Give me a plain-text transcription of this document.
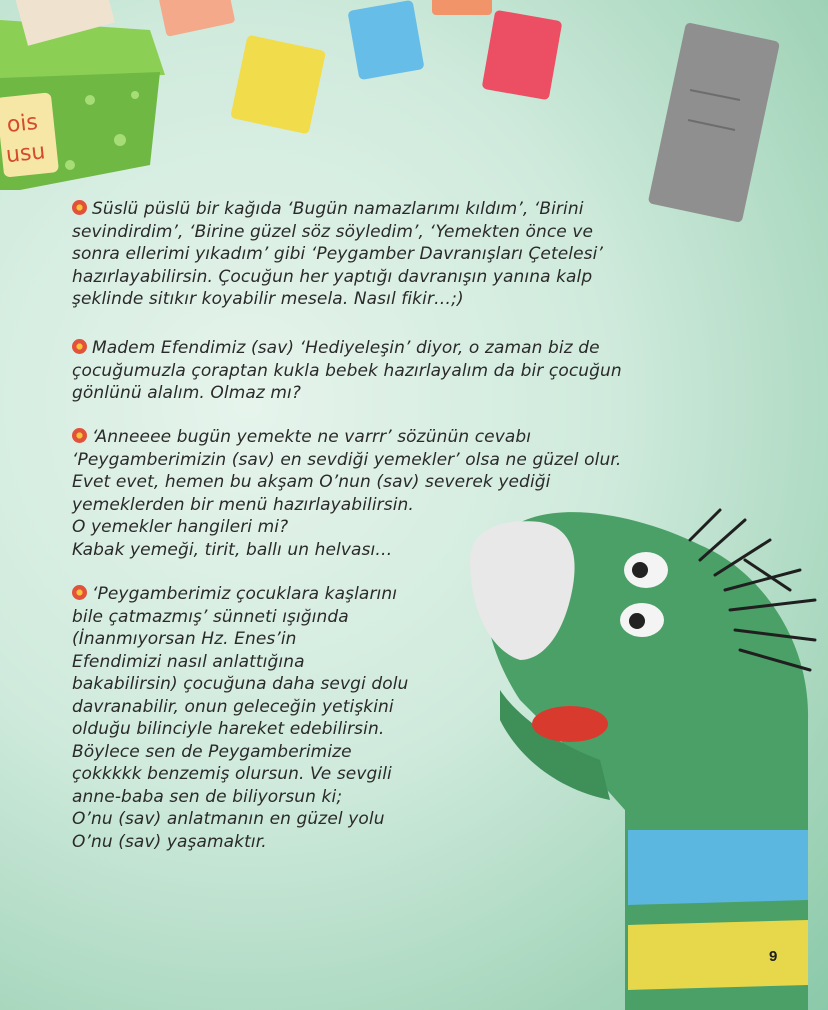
ois
usu
Süslü püslü bir kağıda ‘Bugün namazlarımı kıldım’, ‘Birini
sevindirdim’, ‘Birine güzel söz söyledim’, ‘Yemekten önce ve
sonra ellerimi yıkadım’ gibi ‘Peygamber Davranışları Çetelesi’
hazırlayabilirsin. Çocuğun her yaptığı davranışın yanına kalp
şeklinde sitıkır koyabilir mesela. Nasıl fikir…;)
Madem Efendimiz (sav) ‘Hediyeleşin’ diyor, o zaman biz de
çocuğumuzla çoraptan kukla bebek hazırlayalım da bir çocuğun
gönlünü alalım. Olmaz mı?
‘Anneeee bugün yemekte ne varrr’ sözünün cevabı
‘Peygamberimizin (sav) en sevdiği yemekler’ olsa ne güzel olur.
Evet evet, hemen bu akşam O’nun (sav) severek yediği
yemeklerden bir menü hazırlayabilirsin.
O yemekler hangileri mi?
Kabak yemeği, tirit, ballı un helvası…
‘Peygamberimiz çocuklara kaşlarını
bile çatmazmış’ sünneti ışığında
(İnanmıyorsan Hz. Enes’in
Efendimizi nasıl anlattığına
bakabilirsin) çocuğuna daha sevgi dolu
davranabilir, onun geleceğin yetişkini
olduğu bilinciyle hareket edebilirsin.
Böylece sen de Peygamberimize
çokkkkk benzemiş olursun. Ve sevgili
anne-baba sen de biliyorsun ki;
O’nu (sav) anlatmanın en güzel yolu
O’nu (sav) yaşamaktır.
9
